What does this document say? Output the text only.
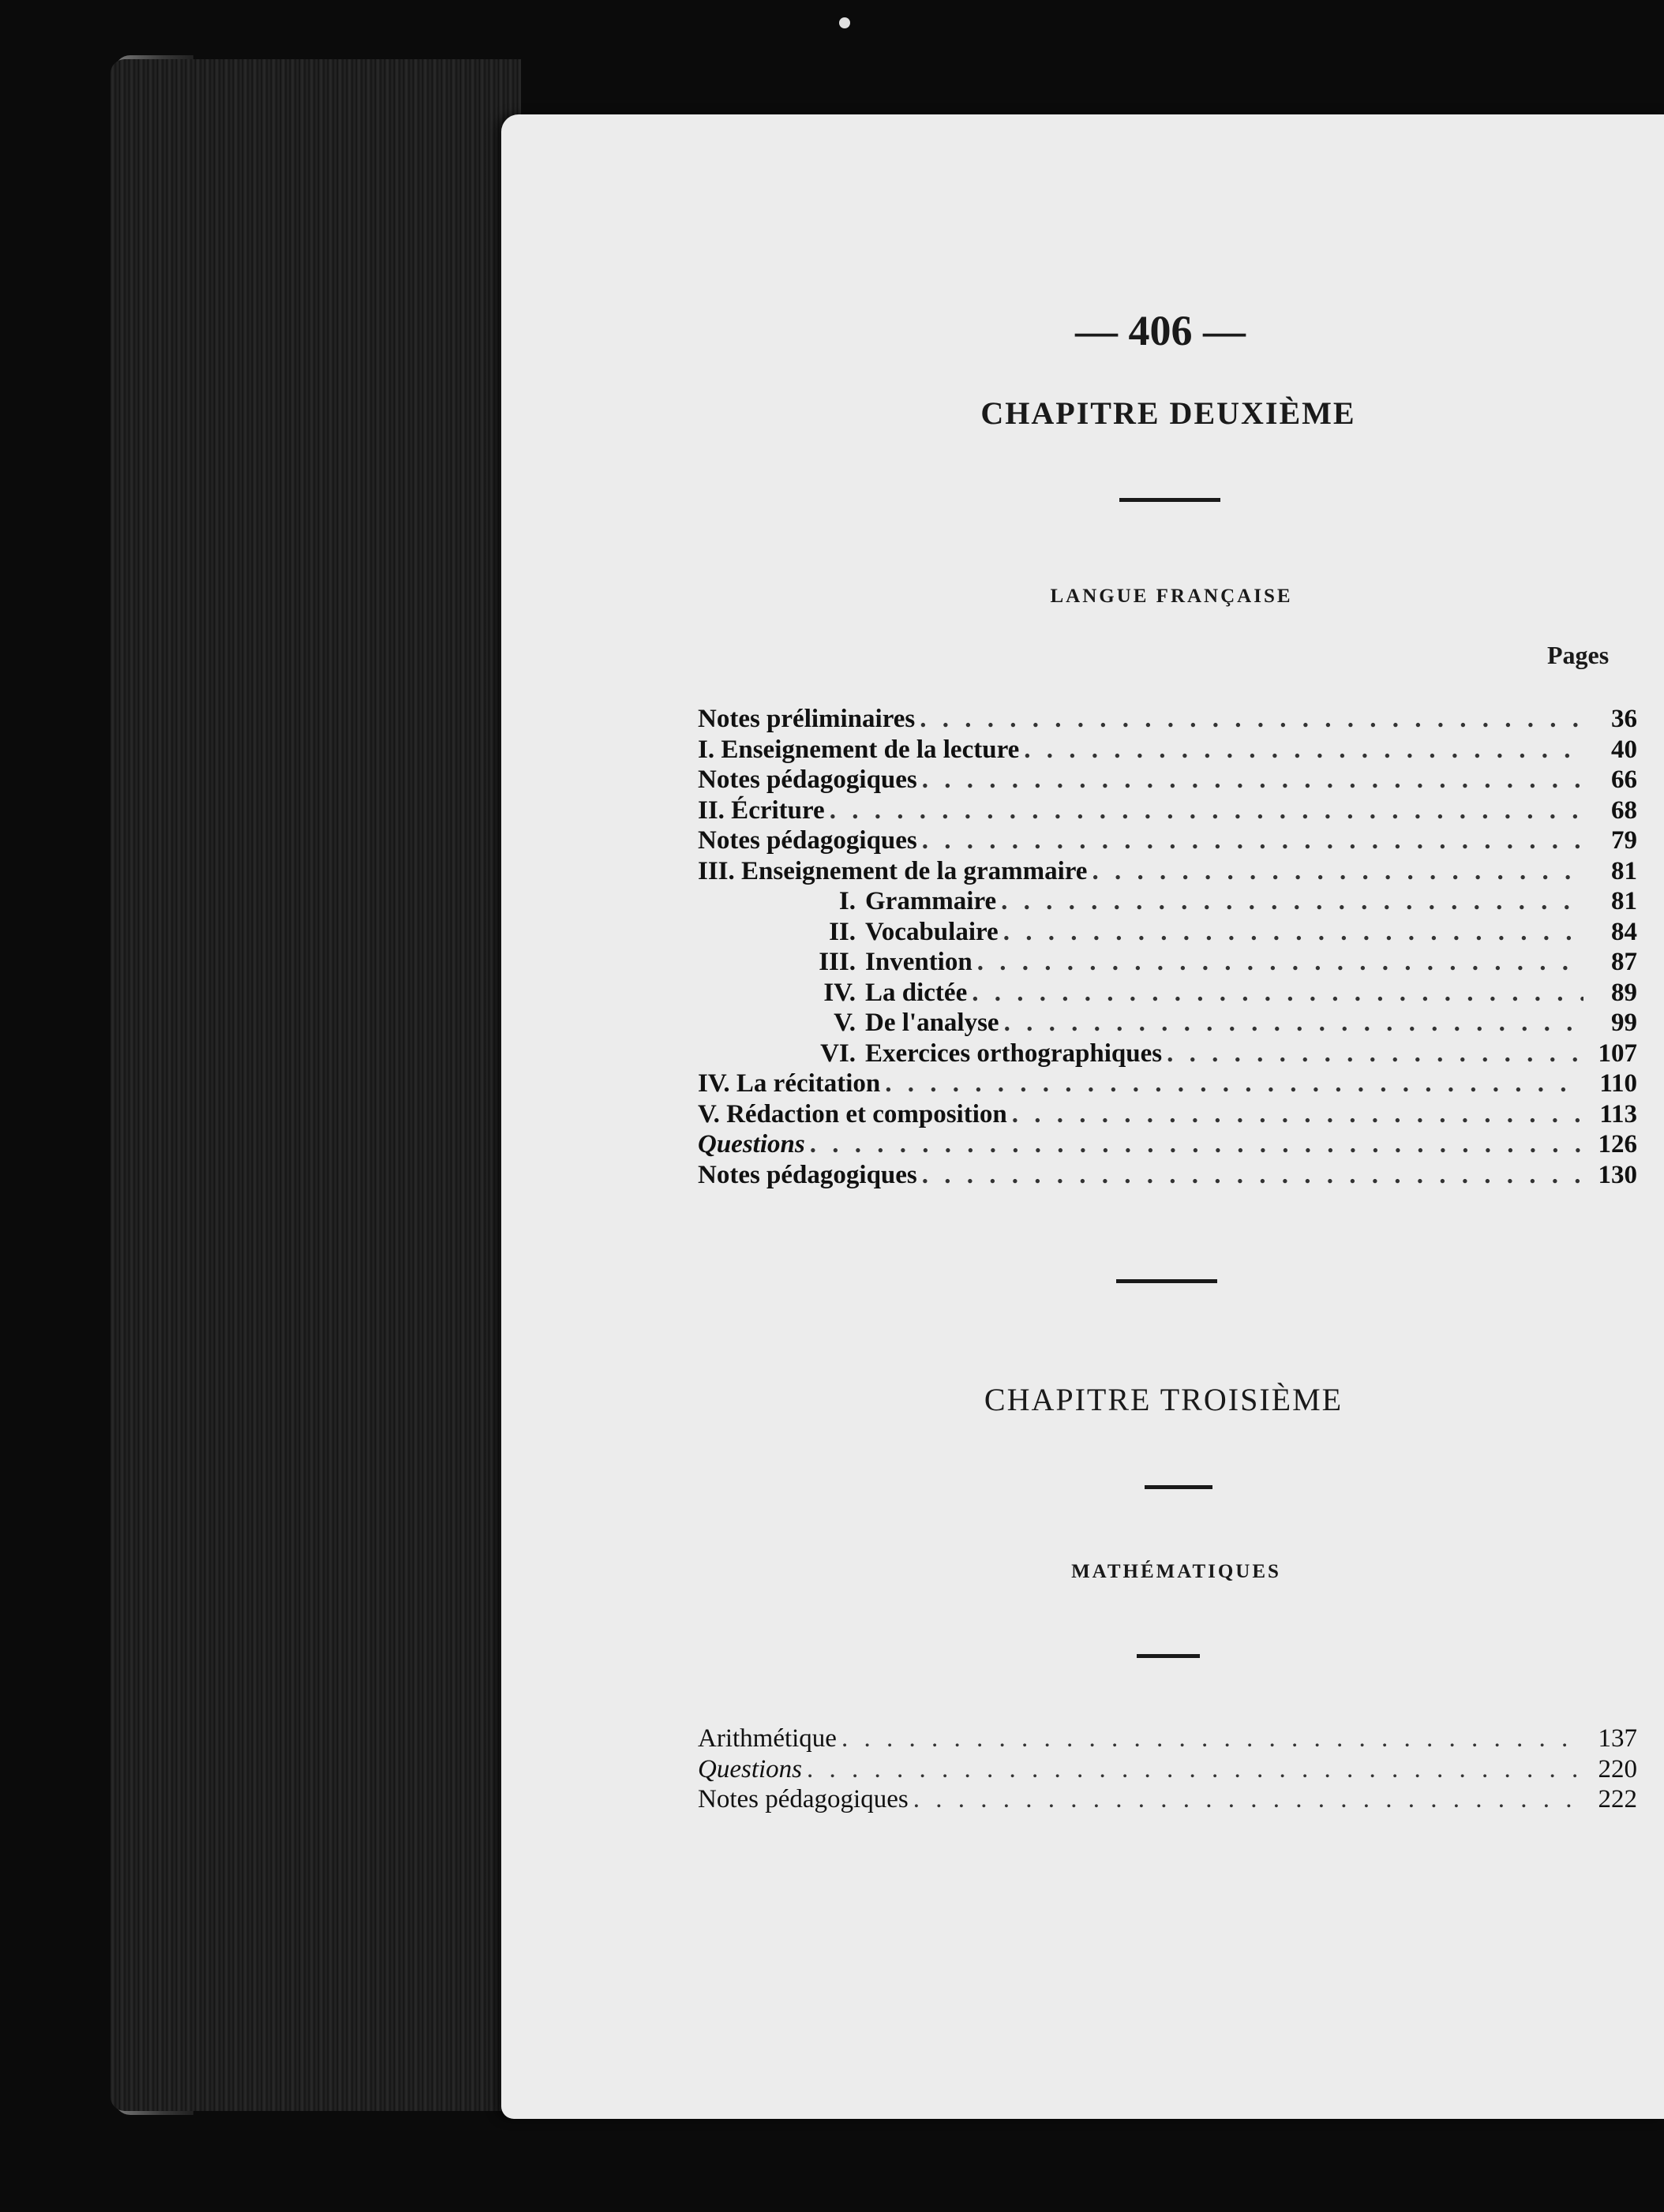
— 406 —
CHAPITRE DEUXIÈME
LANGUE FRANÇAISE
Pages
Notes préliminaires . . .	36
I. Enseignement de la lecture . . .	40
Notes pédagogiques . . .	66
II. Écriture . . .	68
Notes pédagogiques . . .	79
III. Enseignement de la grammaire . . .	81
I. Grammaire . . .	81
II. Vocabulaire . . .	84
III. Invention . . .	87
IV. La dictée . . .	89
V. De l'analyse . . .	99
VI. Exercices orthographiques . . .	107
IV. La récitation . . .	110
V. Rédaction et composition . . .	113
Questions . . .	126
Notes pédagogiques . . .	130
CHAPITRE TROISIÈME
MATHÉMATIQUES
Arithmétique . . .	137
Questions . . .	220
Notes pédagogiques . . .	222
